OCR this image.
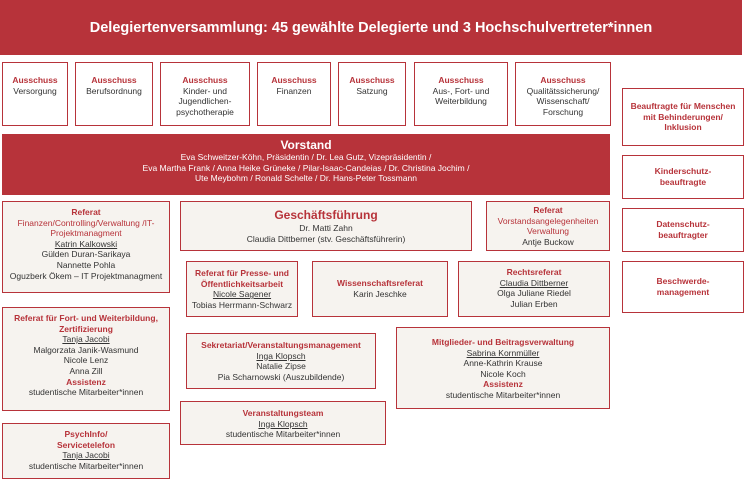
Delegiertenversammlung: 45 gewählte Delegierte und 3 Hochschulvertreter*innen
Ausschuss
Versorgung
Ausschuss
Berufsordnung
Ausschuss
Kinder- und Jugendlichen-psychotherapie
Ausschuss
Finanzen
Ausschuss
Satzung
Ausschuss
Aus-, Fort- und Weiterbildung
Ausschuss
Qualitätssicherung/ Wissenschaft/ Forschung
Beauftragte für Menschen mit Behinderungen/ Inklusion
Kinderschutz-beauftragte
Datenschutz-beauftragter
Beschwerde-management
Vorstand
Eva Schweitzer-Köhn, Präsidentin / Dr. Lea Gutz, Vizepräsidentin /
Eva Martha Frank / Anna Heike Grüneke / Pilar-Isaac-Candeias / Dr. Christina Jochim /
Ute Meybohm / Ronald Schelte / Dr. Hans-Peter Tossmann
Referat
Finanzen/Controlling/Verwaltung /IT-Projektmanagment
Katrin Kalkowski
Gülden Duran-Sarikaya
Nannette Pohla
Oguzberk Ökem – IT Projektmanagment
Referat für Fort- und Weiterbildung, Zertifizierung
Tanja Jacobi
Malgorzata Janik-Wasmund
Nicole Lenz
Anna Zill
Assistenz
studentische Mitarbeiter*innen
PsychInfo/ Servicetelefon
Tanja Jacobi
studentische Mitarbeiter*innen
Geschäftsführung
Dr. Matti Zahn
Claudia Dittberner (stv. Geschäftsführerin)
Referat
Vorstandsangelegenheiten Verwaltung
Antje Buckow
Referat für Presse- und Öffentlichkeitsarbeit
Nicole Sagener
Tobias Herrmann-Schwarz
Wissenschaftsreferat
Karin Jeschke
Rechtsreferat
Claudia Dittberner
Olga Juliane Riedel
Julian Erben
Sekretariat/Veranstaltungsmanagement
Inga Klopsch
Natalie Zipse
Pia Scharnowski (Auszubildende)
Mitglieder- und Beitragsverwaltung
Sabrina Kornmüller
Anne-Kathrin Krause
Nicole Koch
Assistenz
studentische Mitarbeiter*innen
Veranstaltungsteam
Inga Klopsch
studentische Mitarbeiter*innen
